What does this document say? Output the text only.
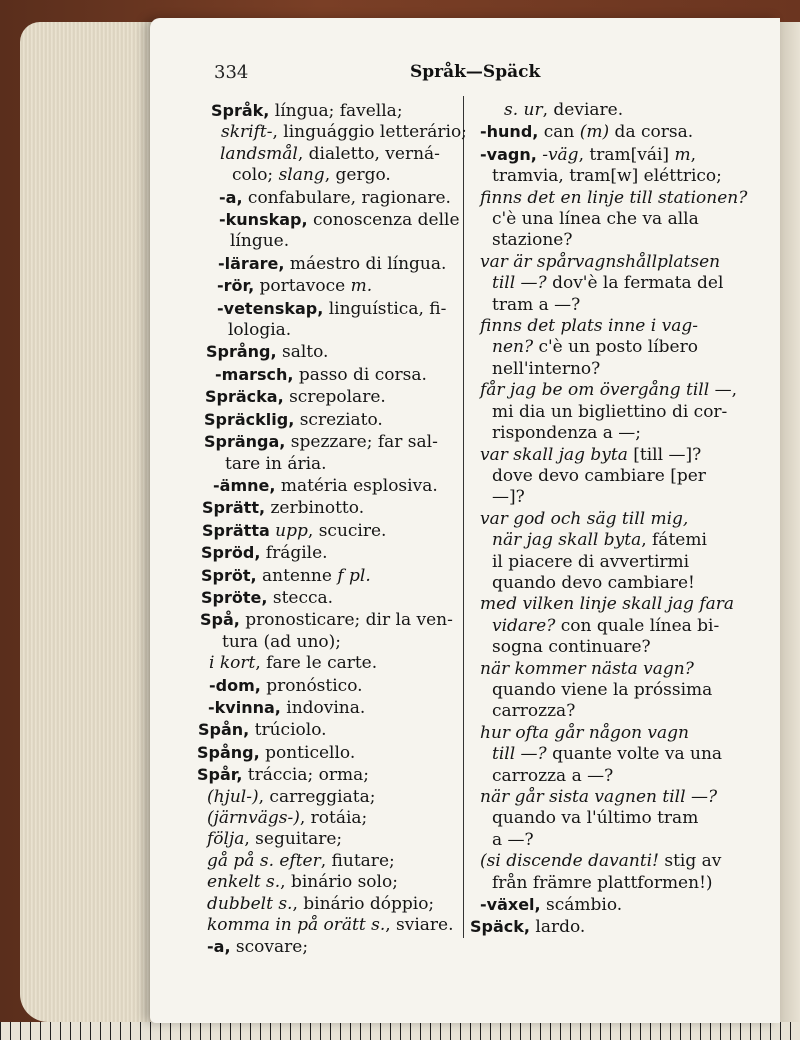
334	Språk—Späck
Språk, língua; favella;
skrift-, linguággio letterário;
landsmål, dialetto, verná-
colo; slang, gergo.
-a, confabulare, ragionare.
-kunskap, conoscenza delle
língue.
-lärare, máestro di língua.
-rör, portavoce m.
-vetenskap, linguística, fi-
lologia.
Språng, salto.
-marsch, passo di corsa.
Spräcka, screpolare.
Spräcklig, screziato.
Spränga, spezzare; far sal-
tare in ária.
-ämne, matéria esplosiva.
Sprätt, zerbinotto.
Sprätta upp, scucire.
Spröd, frágile.
Spröt, antenne f pl.
Spröte, stecca.
Spå, pronosticare; dir la ven-
tura (ad uno);
i kort, fare le carte.
-dom, pronóstico.
-kvinna, indovina.
Spån, trúciolo.
Spång, ponticello.
Spår, tráccia; orma;
(hjul-), carreggiata;
(järnvägs-), rotáia;
följa, seguitare;
gå på s. efter, fiutare;
enkelt s., binário solo;
dubbelt s., binário dóppio;
komma in på orätt s., sviare.
-a, scovare;
s. ur, deviare.
-hund, can (m) da corsa.
-vagn, -väg, tram[vái] m,
tramvia, tram[w] eléttrico;
finns det en linje till stationen?
c'è una línea che va alla
stazione?
var är spårvagnshållplatsen
till —? dov'è la fermata del
tram a —?
finns det plats inne i vag-
nen? c'è un posto líbero
nell'interno?
får jag be om övergång till —,
mi dia un bigliettino di cor-
rispondenza a —;
var skall jag byta [till —]?
dove devo cambiare [per
—]?
var god och säg till mig,
när jag skall byta, fátemi
il piacere di avvertirmi
quando devo cambiare!
med vilken linje skall jag fara
vidare? con quale línea bi-
sogna continuare?
när kommer nästa vagn?
quando viene la próssima
carrozza?
hur ofta går någon vagn
till —? quante volte va una
carrozza a —?
när går sista vagnen till —?
quando va l'último tram
a —?
(si discende davanti! stig av
från främre plattformen!)
-växel, scámbio.
Späck, lardo.
